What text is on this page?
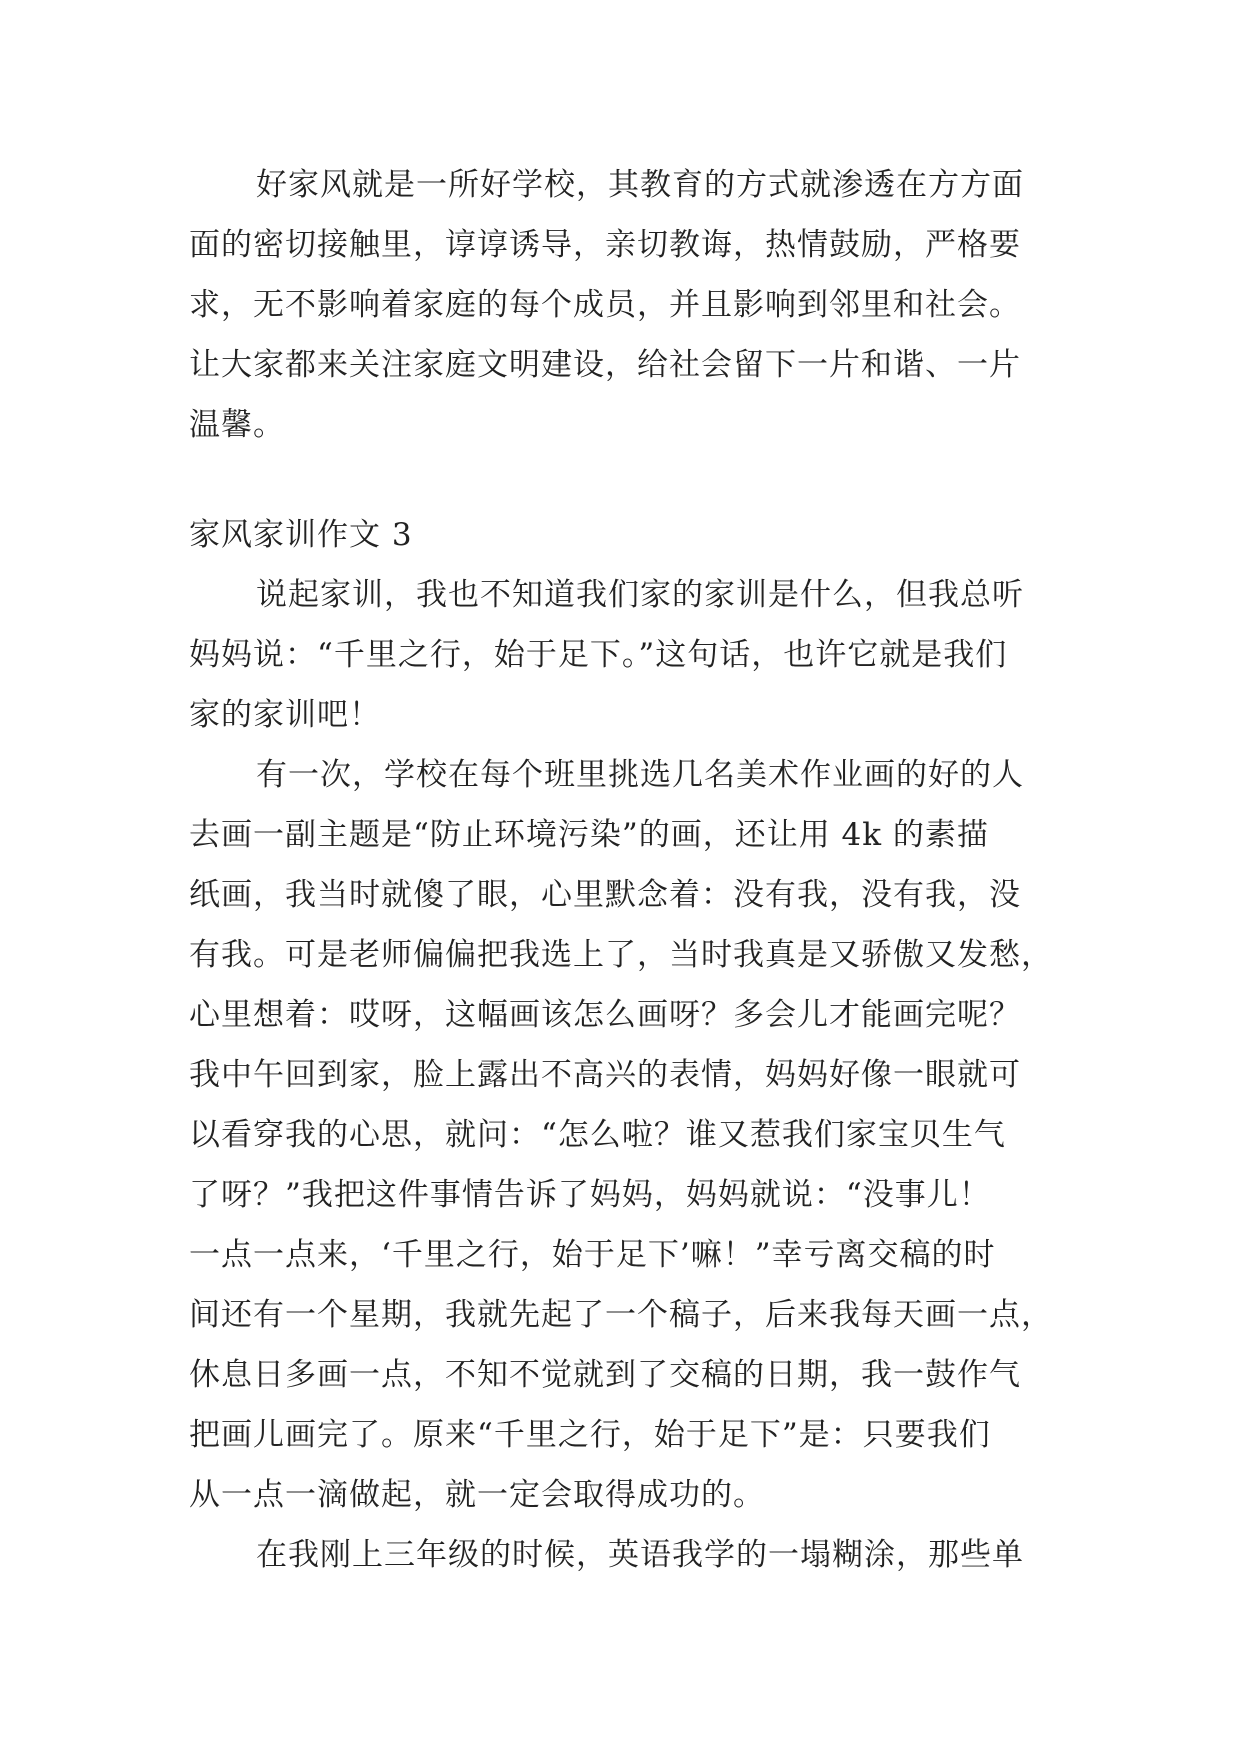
好家风就是一所好学校，其教育的方式就渗透在方方面
面的密切接触里，谆谆诱导，亲切教诲，热情鼓励，严格要
求，无不影响着家庭的每个成员，并且影响到邻里和社会。
让大家都来关注家庭文明建设，给社会留下一片和谐、一片
温馨。
家风家训作文 3
说起家训，我也不知道我们家的家训是什么，但我总听
妈妈说：“千里之行，始于足下。”这句话，也许它就是我们
家的家训吧！
有一次，学校在每个班里挑选几名美术作业画的好的人
去画一副主题是“防止环境污染”的画，还让用 4k 的素描
纸画，我当时就傻了眼，心里默念着：没有我，没有我，没
有我。可是老师偏偏把我选上了，当时我真是又骄傲又发愁，
心里想着：哎呀，这幅画该怎么画呀？多会儿才能画完呢？
我中午回到家，脸上露出不高兴的表情，妈妈好像一眼就可
以看穿我的心思，就问：“怎么啦？谁又惹我们家宝贝生气
了呀？”我把这件事情告诉了妈妈，妈妈就说：“没事儿！
一点一点来，‘千里之行，始于足下’嘛！”幸亏离交稿的时
间还有一个星期，我就先起了一个稿子，后来我每天画一点，
休息日多画一点，不知不觉就到了交稿的日期，我一鼓作气
把画儿画完了。原来“千里之行，始于足下”是：只要我们
从一点一滴做起，就一定会取得成功的。
在我刚上三年级的时候，英语我学的一塌糊涂，那些单
